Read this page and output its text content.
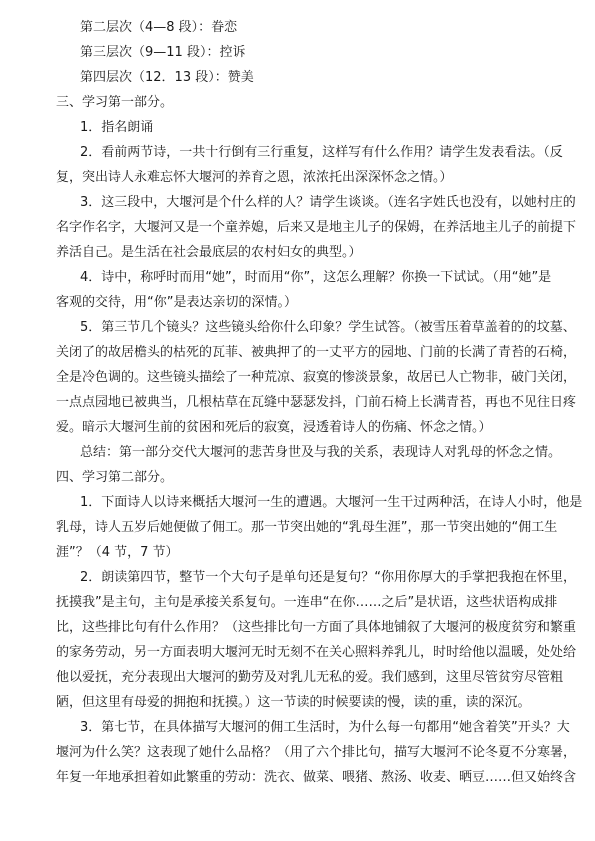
第二层次（4—8 段）：眷恋
第三层次（9—11 段）：控诉
第四层次（12．13 段）：赞美
三、学习第一部分。
1．指名朗诵
2．看前两节诗，一共十行倒有三行重复，这样写有什么作用？请学生发表看法。（反
复，突出诗人永难忘怀大堰河的养育之恩，浓浓托出深深怀念之情。）
3．这三段中，大堰河是个什么样的人？请学生谈谈。（连名字姓氏也没有，以她村庄的
名字作名字，大堰河又是一个童养媳，后来又是地主儿子的保姆，在养活地主儿子的前提下
养活自己。是生活在社会最底层的农村妇女的典型。）
4．诗中，称呼时而用“她”，时而用“你”，这怎么理解？你换一下试试。（用“她”是
客观的交待，用“你”是表达亲切的深情。）
5．第三节几个镜头？这些镜头给你什么印象？学生试答。（被雪压着草盖着的的坟墓、
关闭了的故居檐头的枯死的瓦菲、被典押了的一丈平方的园地、门前的长满了青苔的石椅，
全是冷色调的。这些镜头描绘了一种荒凉、寂寞的惨淡景象，故居已人亡物非，破门关闭，
一点点园地已被典当，几根枯草在瓦缝中瑟瑟发抖，门前石椅上长满青苔，再也不见往日疼
爱。暗示大堰河生前的贫困和死后的寂寞，浸透着诗人的伤痛、怀念之情。）
总结：第一部分交代大堰河的悲苦身世及与我的关系，表现诗人对乳母的怀念之情。
四、学习第二部分。
1．下面诗人以诗来概括大堰河一生的遭遇。大堰河一生干过两种活，在诗人小时，他是
乳母，诗人五岁后她便做了佣工。那一节突出她的“乳母生涯”，那一节突出她的“佣工生
涯”？（4 节，7 节）
2．朗读第四节，整节一个大句子是单句还是复句？“你用你厚大的手掌把我抱在怀里，
抚摸我”是主句，主句是承接关系复句。一连串“在你……之后”是状语，这些状语构成排
比，这些排比句有什么作用？（这些排比句一方面了具体地铺叙了大堰河的极度贫穷和繁重
的家务劳动，另一方面表明大堰河无时无刻不在关心照料养乳儿，时时给他以温暖，处处给
他以爱抚，充分表现出大堰河的勤劳及对乳儿无私的爱。我们感到，这里尽管贫穷尽管粗
陋，但这里有母爱的拥抱和抚摸。）这一节读的时候要读的慢，读的重，读的深沉。
3．第七节，在具体描写大堰河的佣工生活时，为什么每一句都用“她含着笑”开头？大
堰河为什么笑？这表现了她什么品格？（用了六个排比句，描写大堰河不论冬夏不分寒暑，
年复一年地承担着如此繁重的劳动：洗衣、做菜、喂猪、熬汤、收麦、晒豆……但又始终含
